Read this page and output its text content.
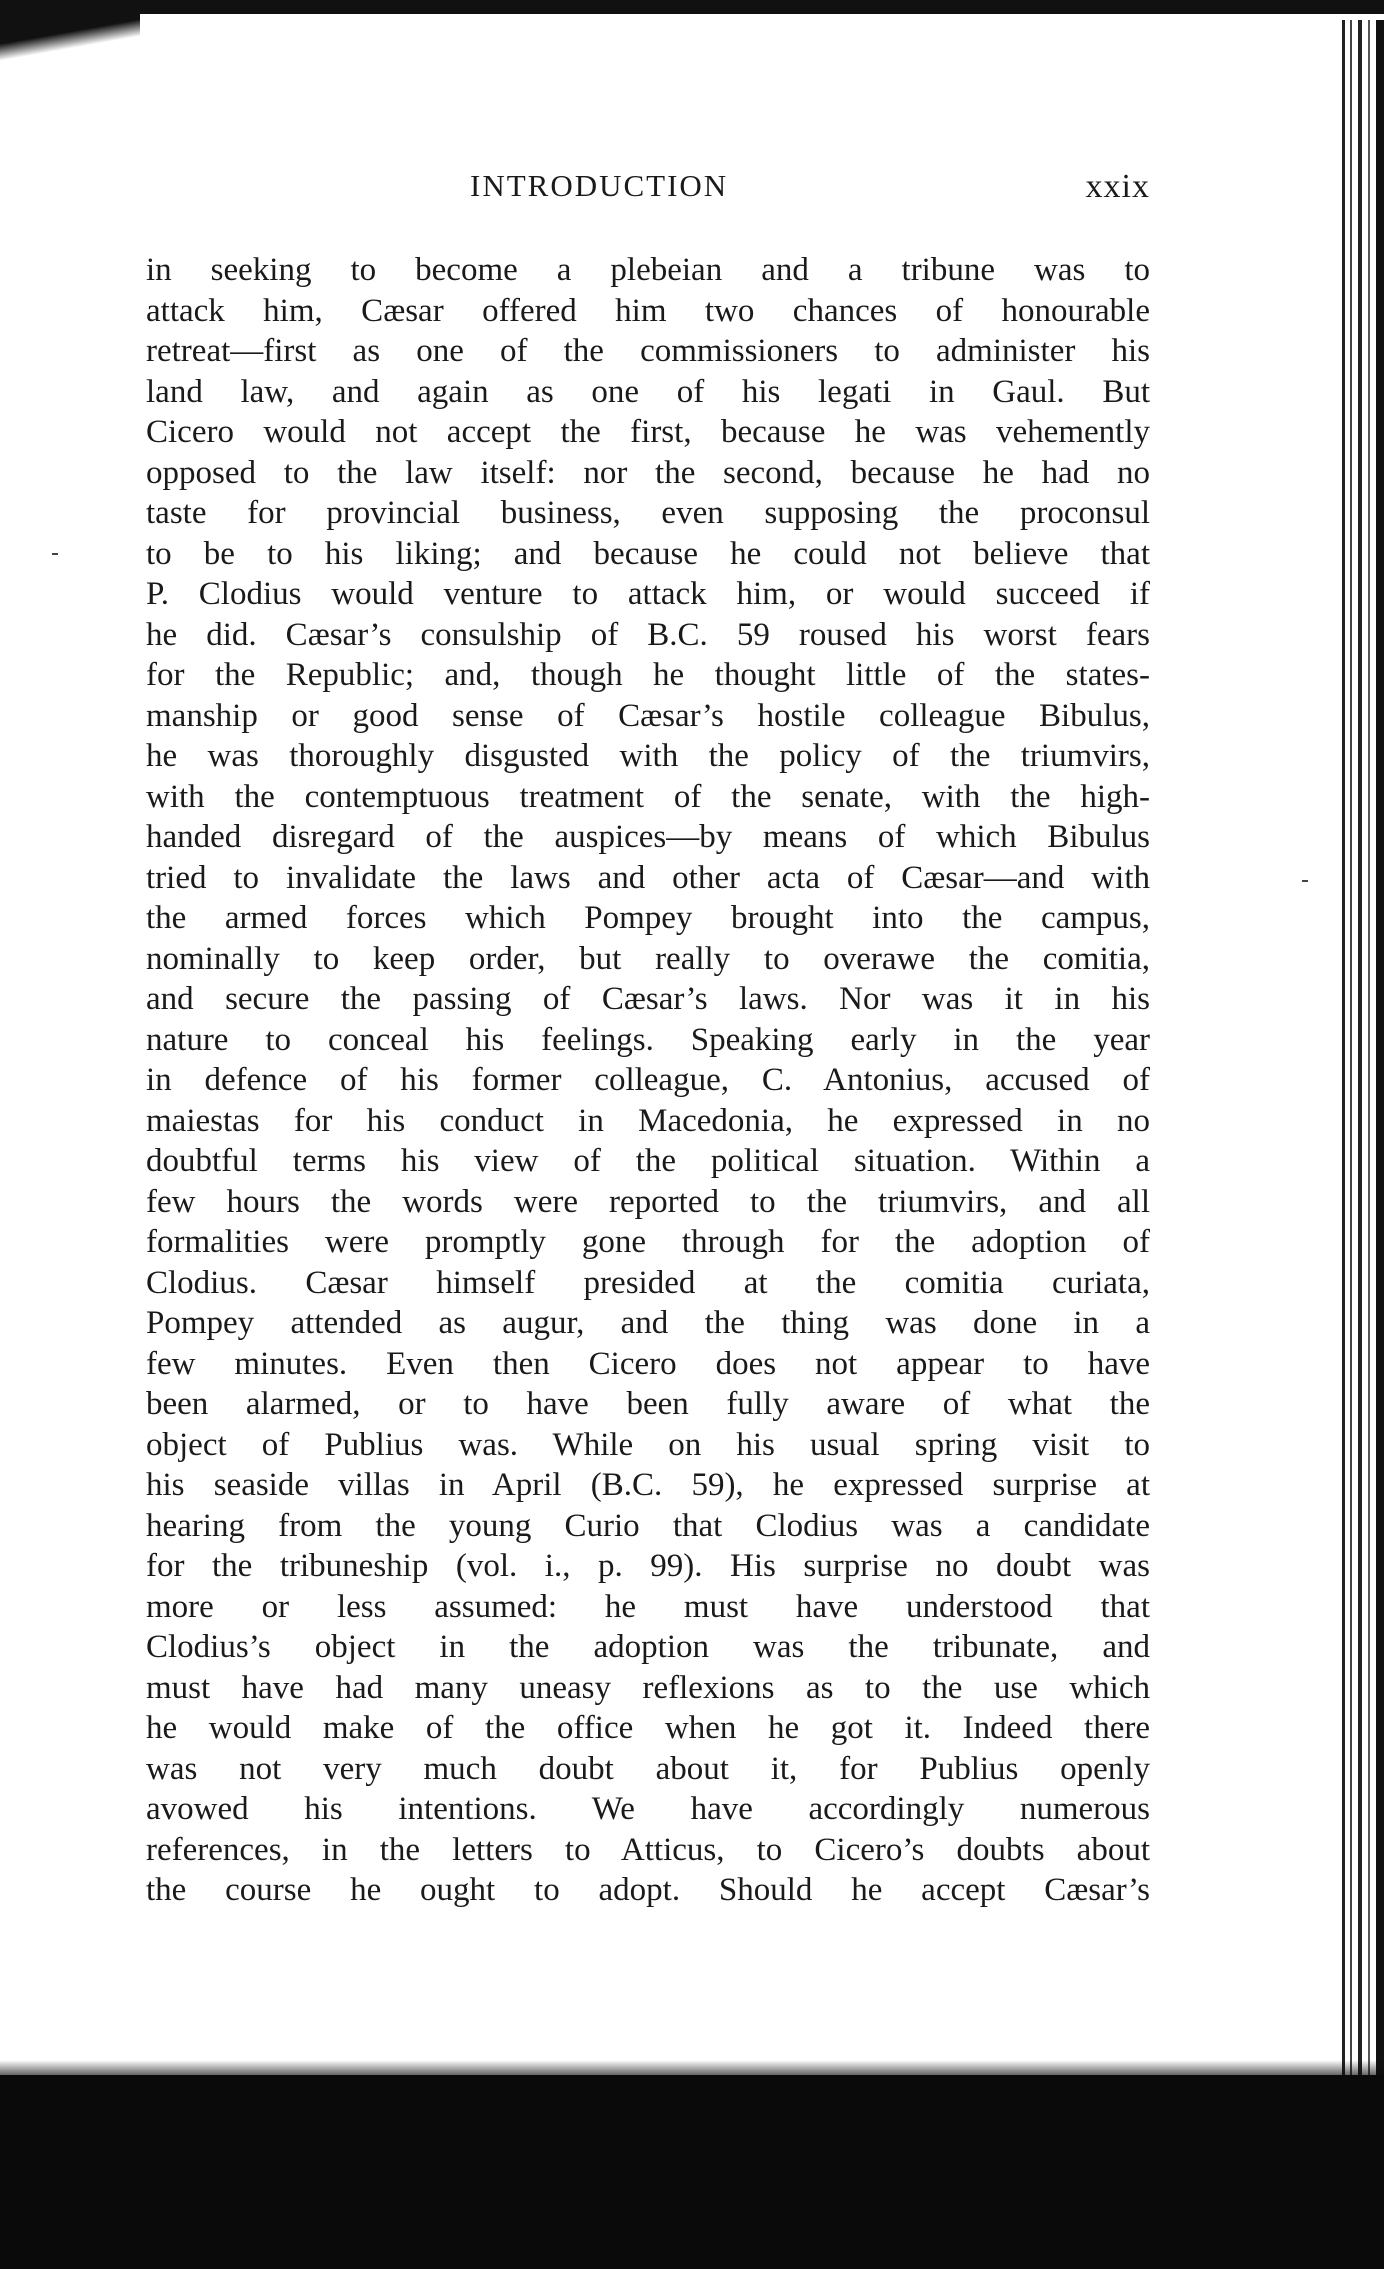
INTRODUCTION	xxix
in seeking to become a plebeian and a tribune was to
attack him, Cæsar offered him two chances of honourable
retreat—first as one of the commissioners to administer his
land law, and again as one of his legati in Gaul. But
Cicero would not accept the first, because he was vehemently
opposed to the law itself: nor the second, because he had no
taste for provincial business, even supposing the proconsul
to be to his liking; and because he could not believe that
P. Clodius would venture to attack him, or would succeed if
he did. Cæsar’s consulship of B.C. 59 roused his worst fears
for the Republic; and, though he thought little of the states-
manship or good sense of Cæsar’s hostile colleague Bibulus,
he was thoroughly disgusted with the policy of the triumvirs,
with the contemptuous treatment of the senate, with the high-
handed disregard of the auspices—by means of which Bibulus
tried to invalidate the laws and other acta of Cæsar—and with
the armed forces which Pompey brought into the campus,
nominally to keep order, but really to overawe the comitia,
and secure the passing of Cæsar’s laws. Nor was it in his
nature to conceal his feelings. Speaking early in the year
in defence of his former colleague, C. Antonius, accused of
maiestas for his conduct in Macedonia, he expressed in no
doubtful terms his view of the political situation. Within a
few hours the words were reported to the triumvirs, and all
formalities were promptly gone through for the adoption of
Clodius. Cæsar himself presided at the comitia curiata,
Pompey attended as augur, and the thing was done in a
few minutes. Even then Cicero does not appear to have
been alarmed, or to have been fully aware of what the
object of Publius was. While on his usual spring visit to
his seaside villas in April (B.C. 59), he expressed surprise at
hearing from the young Curio that Clodius was a candidate
for the tribuneship (vol. i., p. 99). His surprise no doubt was
more or less assumed: he must have understood that
Clodius’s object in the adoption was the tribunate, and
must have had many uneasy reflexions as to the use which
he would make of the office when he got it. Indeed there
was not very much doubt about it, for Publius openly
avowed his intentions. We have accordingly numerous
references, in the letters to Atticus, to Cicero’s doubts about
the course he ought to adopt. Should he accept Cæsar’s
